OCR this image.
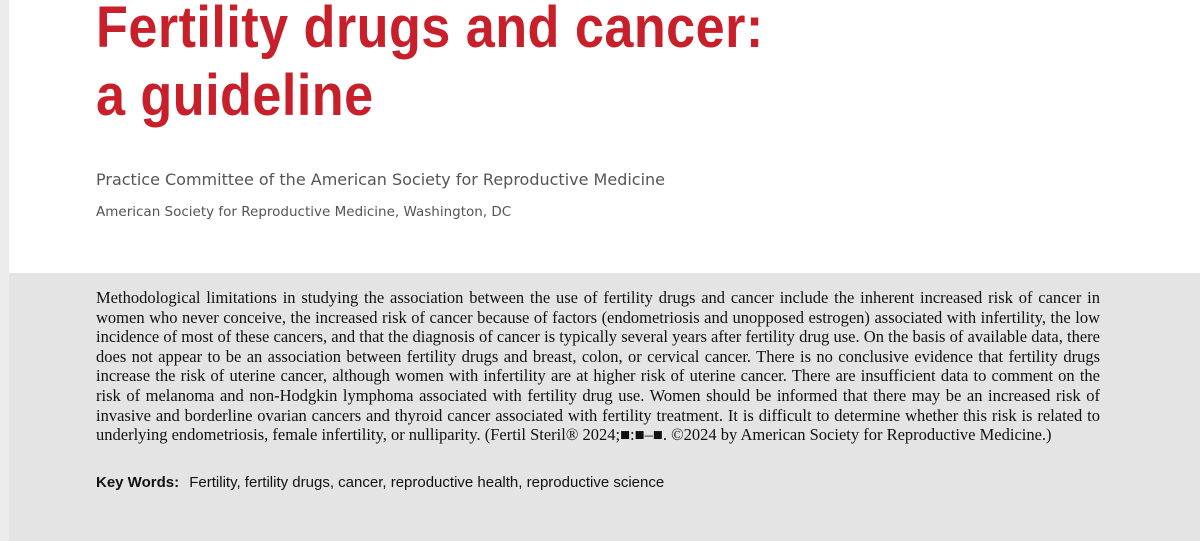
Fertility drugs and cancer:
a guideline
Practice Committee of the American Society for Reproductive Medicine
American Society for Reproductive Medicine, Washington, DC

Methodological limitations in studying the association between the use of fertility drugs and cancer include the inherent increased risk of cancer in women who never conceive, the increased risk of cancer because of factors (endometriosis and unopposed estrogen) associated with infertility, the low incidence of most of these cancers, and that the diagnosis of cancer is typically several years after fertility drug use. On the basis of available data, there does not appear to be an association between fertility drugs and breast, colon, or cervical cancer. There is no conclusive evidence that fertility drugs increase the risk of uterine cancer, although women with infertility are at higher risk of uterine cancer. There are insufficient data to comment on the risk of melanoma and non-Hodgkin lymphoma associated with fertility drug use. Women should be informed that there may be an increased risk of invasive and borderline ovarian cancers and thyroid cancer associated with fertility treatment. It is difficult to determine whether this risk is related to underlying endometriosis, female infertility, or nulliparity. (Fertil Steril® 2024;■:■–■. ©2024 by American Society for Reproductive Medicine.)

Key Words: Fertility, fertility drugs, cancer, reproductive health, reproductive science
